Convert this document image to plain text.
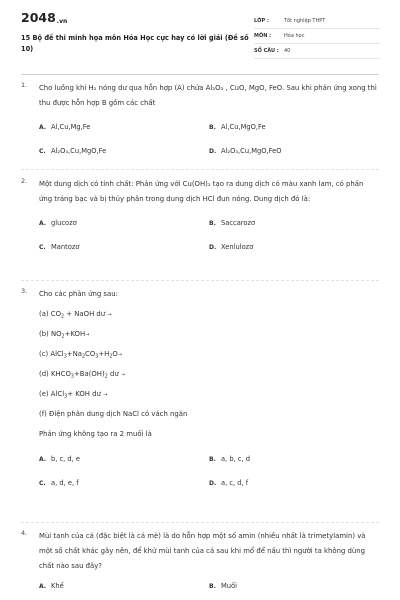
2048.vn
15 Bộ đề thi minh họa môn Hóa Học cực hay có lời giải (Đề số 10)
LỚP :	Tốt nghiệp THPT
MÔN :	Hóa học
SỐ CÂU :	40
1. Cho luồng khí H₂ nóng dư qua hỗn hợp (A) chứa Al₂O₃ , CuO, MgO, FeO. Sau khi phản ứng xong thì thu được hỗn hợp B gồm các chất
A. Al,Cu,Mg,Fe	B. Al,Cu,MgO,Fe
C. Al₂O₃,Cu,MgO,Fe	D. Al₂O₃,Cu,MgO,FeO
2. Một dung dịch có tính chất: Phản ứng với Cu(OH)₂ tạo ra dung dịch có màu xanh lam, có phản ứng tráng bạc và bị thủy phân trong dung dịch HCl đun nóng. Dung dịch đó là:
A. glucozơ	B. Saccarozơ
C. Mantozơ	D. Xenlulozơ
3. Cho các phản ứng sau:
(a) $CO_2$ + NaOH dư →
(b) $NO_2+KOH\to$
(c) $AlCl_3+Na_2CO_3+H_2O\to$
(d) $KHCO_3+Ba(OH)_2$ dư →
(e) AlCl$_3$+ KOH dư →
(f) Điện phân dung dịch NaCl có vách ngăn
Phản ứng không tạo ra 2 muối là
A. b, c, d, e	B. a, b, c, d
C. a, d, e, f	D. a, c, d, f
4. Mùi tanh của cá (đặc biệt là cá mè) là do hỗn hợp một số amin (nhiều nhất là trimetylamin) và một số chất khác gây nên, để khử mùi tanh của cá sau khi mổ để nấu thì người ta không dùng chất nào sau đây?
A. Khế	B. Muối
